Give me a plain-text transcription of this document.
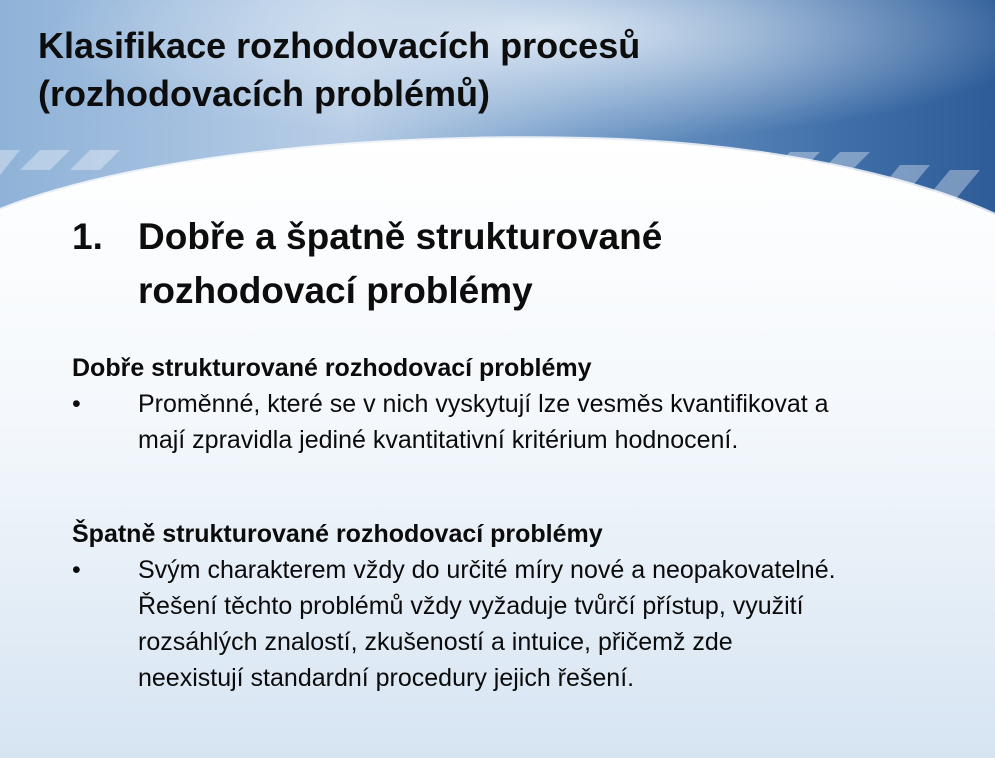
Klasifikace rozhodovacích procesů
(rozhodovacích problémů)
1. Dobře a špatně strukturované
rozhodovací problémy
Dobře strukturované rozhodovací problémy
• Proměnné, které se v nich vyskytují lze vesměs kvantifikovat a
mají zpravidla jediné kvantitativní kritérium hodnocení.
Špatně strukturované rozhodovací problémy
• Svým charakterem vždy do určité míry nové a neopakovatelné.
Řešení těchto problémů vždy vyžaduje tvůrčí přístup, využití
rozsáhlých znalostí, zkušeností a intuice, přičemž zde
neexistují standardní procedury jejich řešení.
